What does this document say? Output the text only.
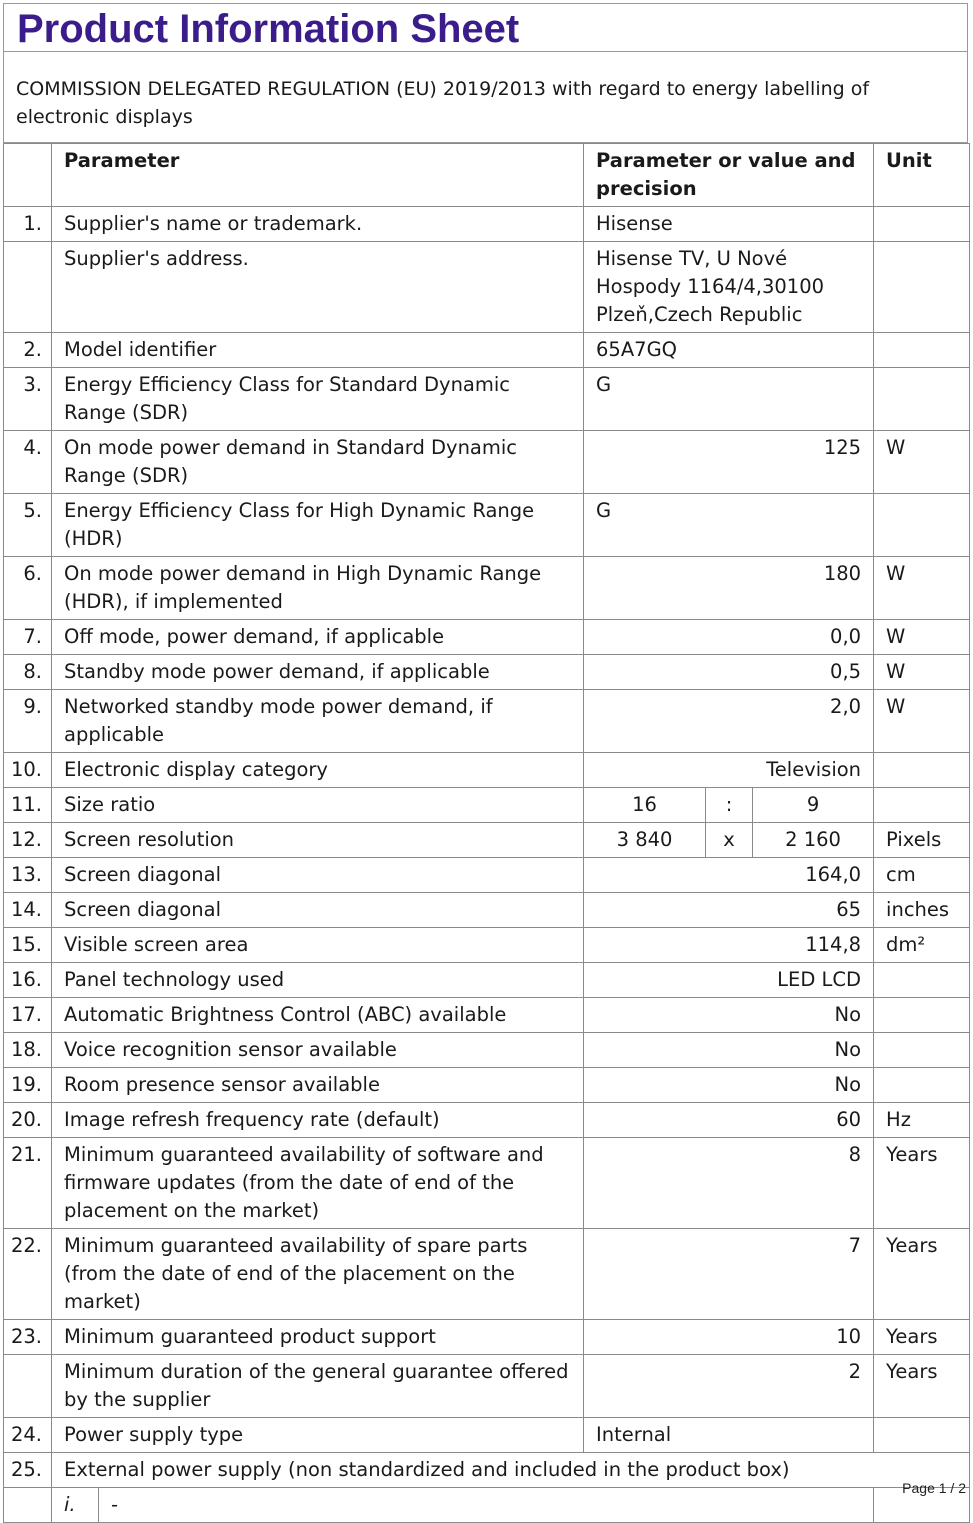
Product Information Sheet
COMMISSION DELEGATED REGULATION (EU) 2019/2013 with regard to energy labelling of electronic displays
	Parameter		Parameter or value and precision			Unit
1.	Supplier's name or trademark.		Hisense			
	Supplier's address.		Hisense TV, U Nové Hospody 1164/4,30100 Plzeň,Czech Republic			
2.	Model identifier		65A7GQ			
3.	Energy Efficiency Class for Standard Dynamic Range (SDR)		G			
4.	On mode power demand in Standard Dynamic Range (SDR)		125			W
5.	Energy Efficiency Class for High Dynamic Range (HDR)		G			
6.	On mode power demand in High Dynamic Range (HDR), if implemented		180			W
7.	Off mode, power demand, if applicable		0,0			W
8.	Standby mode power demand, if applicable		0,5			W
9.	Networked standby mode power demand, if applicable		2,0			W
10.	Electronic display category		Television			
11.	Size ratio		16	:	9	
12.	Screen resolution		3 840	x	2 160	Pixels
13.	Screen diagonal		164,0			cm
14.	Screen diagonal		65			inches
15.	Visible screen area		114,8			dm²
16.	Panel technology used		LED LCD			
17.	Automatic Brightness Control (ABC) available		No			
18.	Voice recognition sensor available		No			
19.	Room presence sensor available		No			
20.	Image refresh frequency rate (default)		60			Hz
21.	Minimum guaranteed availability of software and firmware updates (from the date of end of the placement on the market)		8			Years
22.	Minimum guaranteed availability of spare parts (from the date of end of the placement on the market)		7			Years
23.	Minimum guaranteed product support		10			Years
	Minimum duration of the general guarantee offered by the supplier		2			Years
24.	Power supply type		Internal			
25.	External power supply (non standardized and included in the product box)					
	i.	-				
Page 1 / 2
